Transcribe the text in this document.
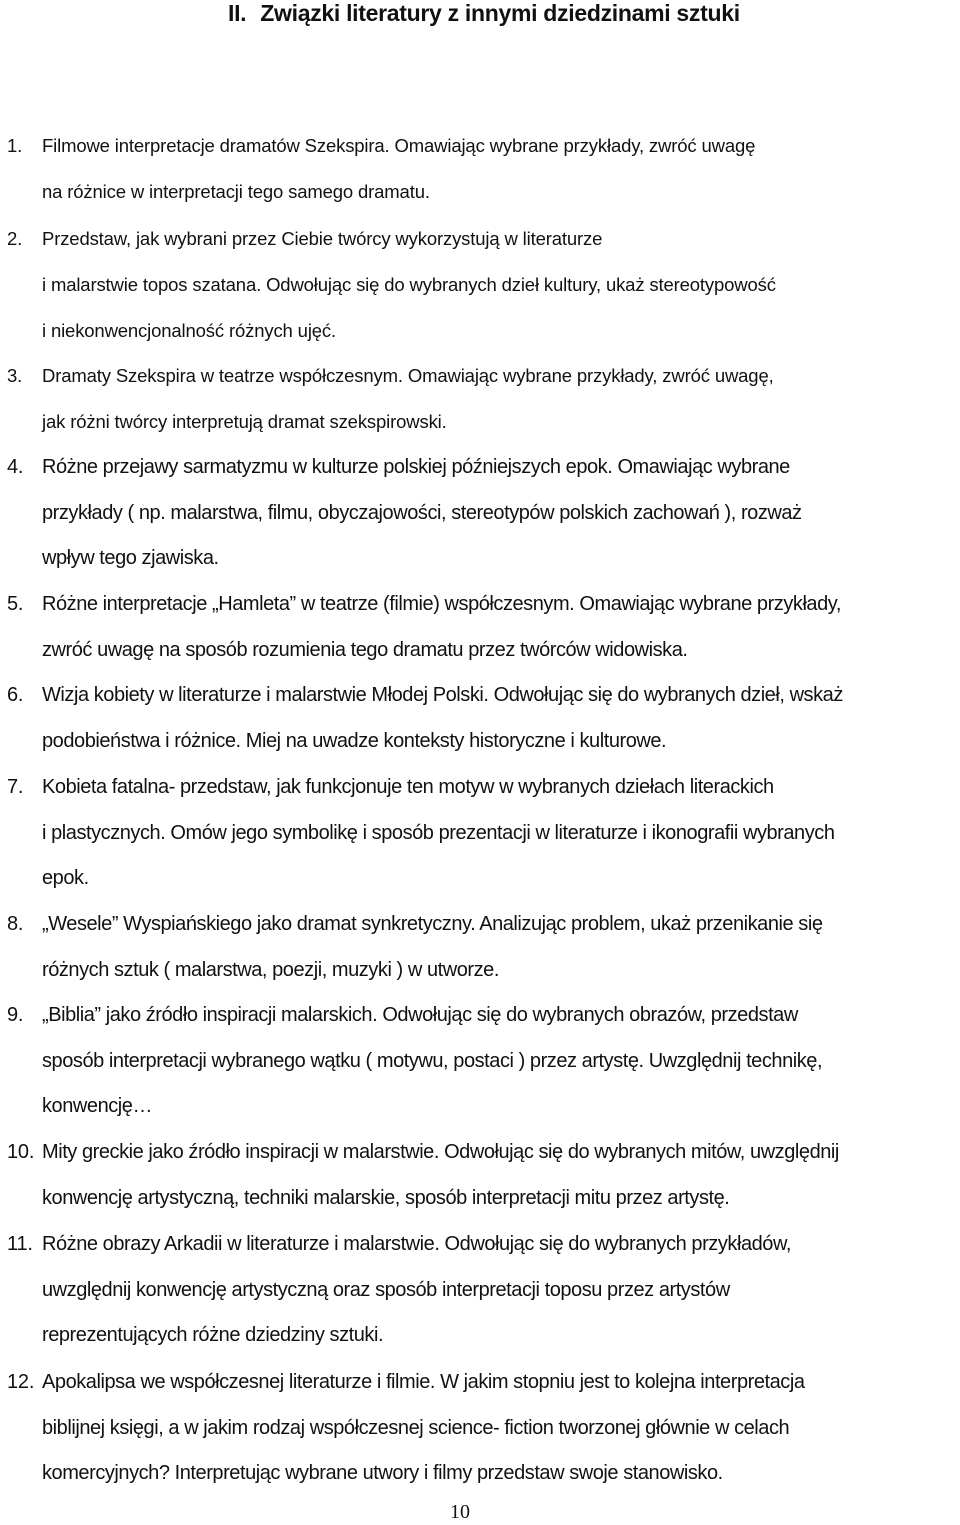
II. Związki literatury z innymi dziedzinami sztuki
1. Filmowe interpretacje dramatów Szekspira. Omawiając wybrane przykłady, zwróć uwagę
na różnice w interpretacji tego samego dramatu.
2. Przedstaw, jak wybrani przez Ciebie twórcy wykorzystują w literaturze
i malarstwie topos szatana. Odwołując się do wybranych dzieł kultury, ukaż stereotypowość
i niekonwencjonalność różnych ujęć.
3. Dramaty Szekspira w teatrze współczesnym. Omawiając wybrane przykłady, zwróć uwagę,
jak różni twórcy interpretują dramat szekspirowski.
4. Różne przejawy sarmatyzmu w kulturze polskiej późniejszych epok. Omawiając wybrane
przykłady ( np. malarstwa, filmu, obyczajowości, stereotypów polskich zachowań ), rozważ
wpływ tego zjawiska.
5. Różne interpretacje „Hamleta” w teatrze (filmie) współczesnym. Omawiając wybrane przykłady,
zwróć uwagę na sposób rozumienia tego dramatu przez twórców widowiska.
6. Wizja kobiety w literaturze i malarstwie Młodej Polski. Odwołując się do wybranych dzieł, wskaż
podobieństwa i różnice. Miej na uwadze konteksty historyczne i kulturowe.
7. Kobieta fatalna- przedstaw, jak funkcjonuje ten motyw w wybranych dziełach literackich
i plastycznych. Omów jego symbolikę i sposób prezentacji w literaturze i ikonografii wybranych
epok.
8. „Wesele” Wyspiańskiego jako dramat synkretyczny. Analizując problem, ukaż przenikanie się
różnych sztuk ( malarstwa, poezji, muzyki ) w utworze.
9. „Biblia” jako źródło inspiracji malarskich. Odwołując się do wybranych obrazów, przedstaw
sposób interpretacji wybranego wątku ( motywu, postaci ) przez artystę. Uwzględnij technikę,
konwencję…
10. Mity greckie jako źródło inspiracji w malarstwie. Odwołując się do wybranych mitów, uwzględnij
konwencję artystyczną, techniki malarskie, sposób interpretacji mitu przez artystę.
11. Różne obrazy Arkadii w literaturze i malarstwie. Odwołując się do wybranych przykładów,
uwzględnij konwencję artystyczną oraz sposób interpretacji toposu przez artystów
reprezentujących różne dziedziny sztuki.
12. Apokalipsa we współczesnej literaturze i filmie. W jakim stopniu jest to kolejna interpretacja
biblijnej księgi, a w jakim rodzaj współczesnej science- fiction tworzonej głównie w celach
komercyjnych? Interpretując wybrane utwory i filmy przedstaw swoje stanowisko.
10
